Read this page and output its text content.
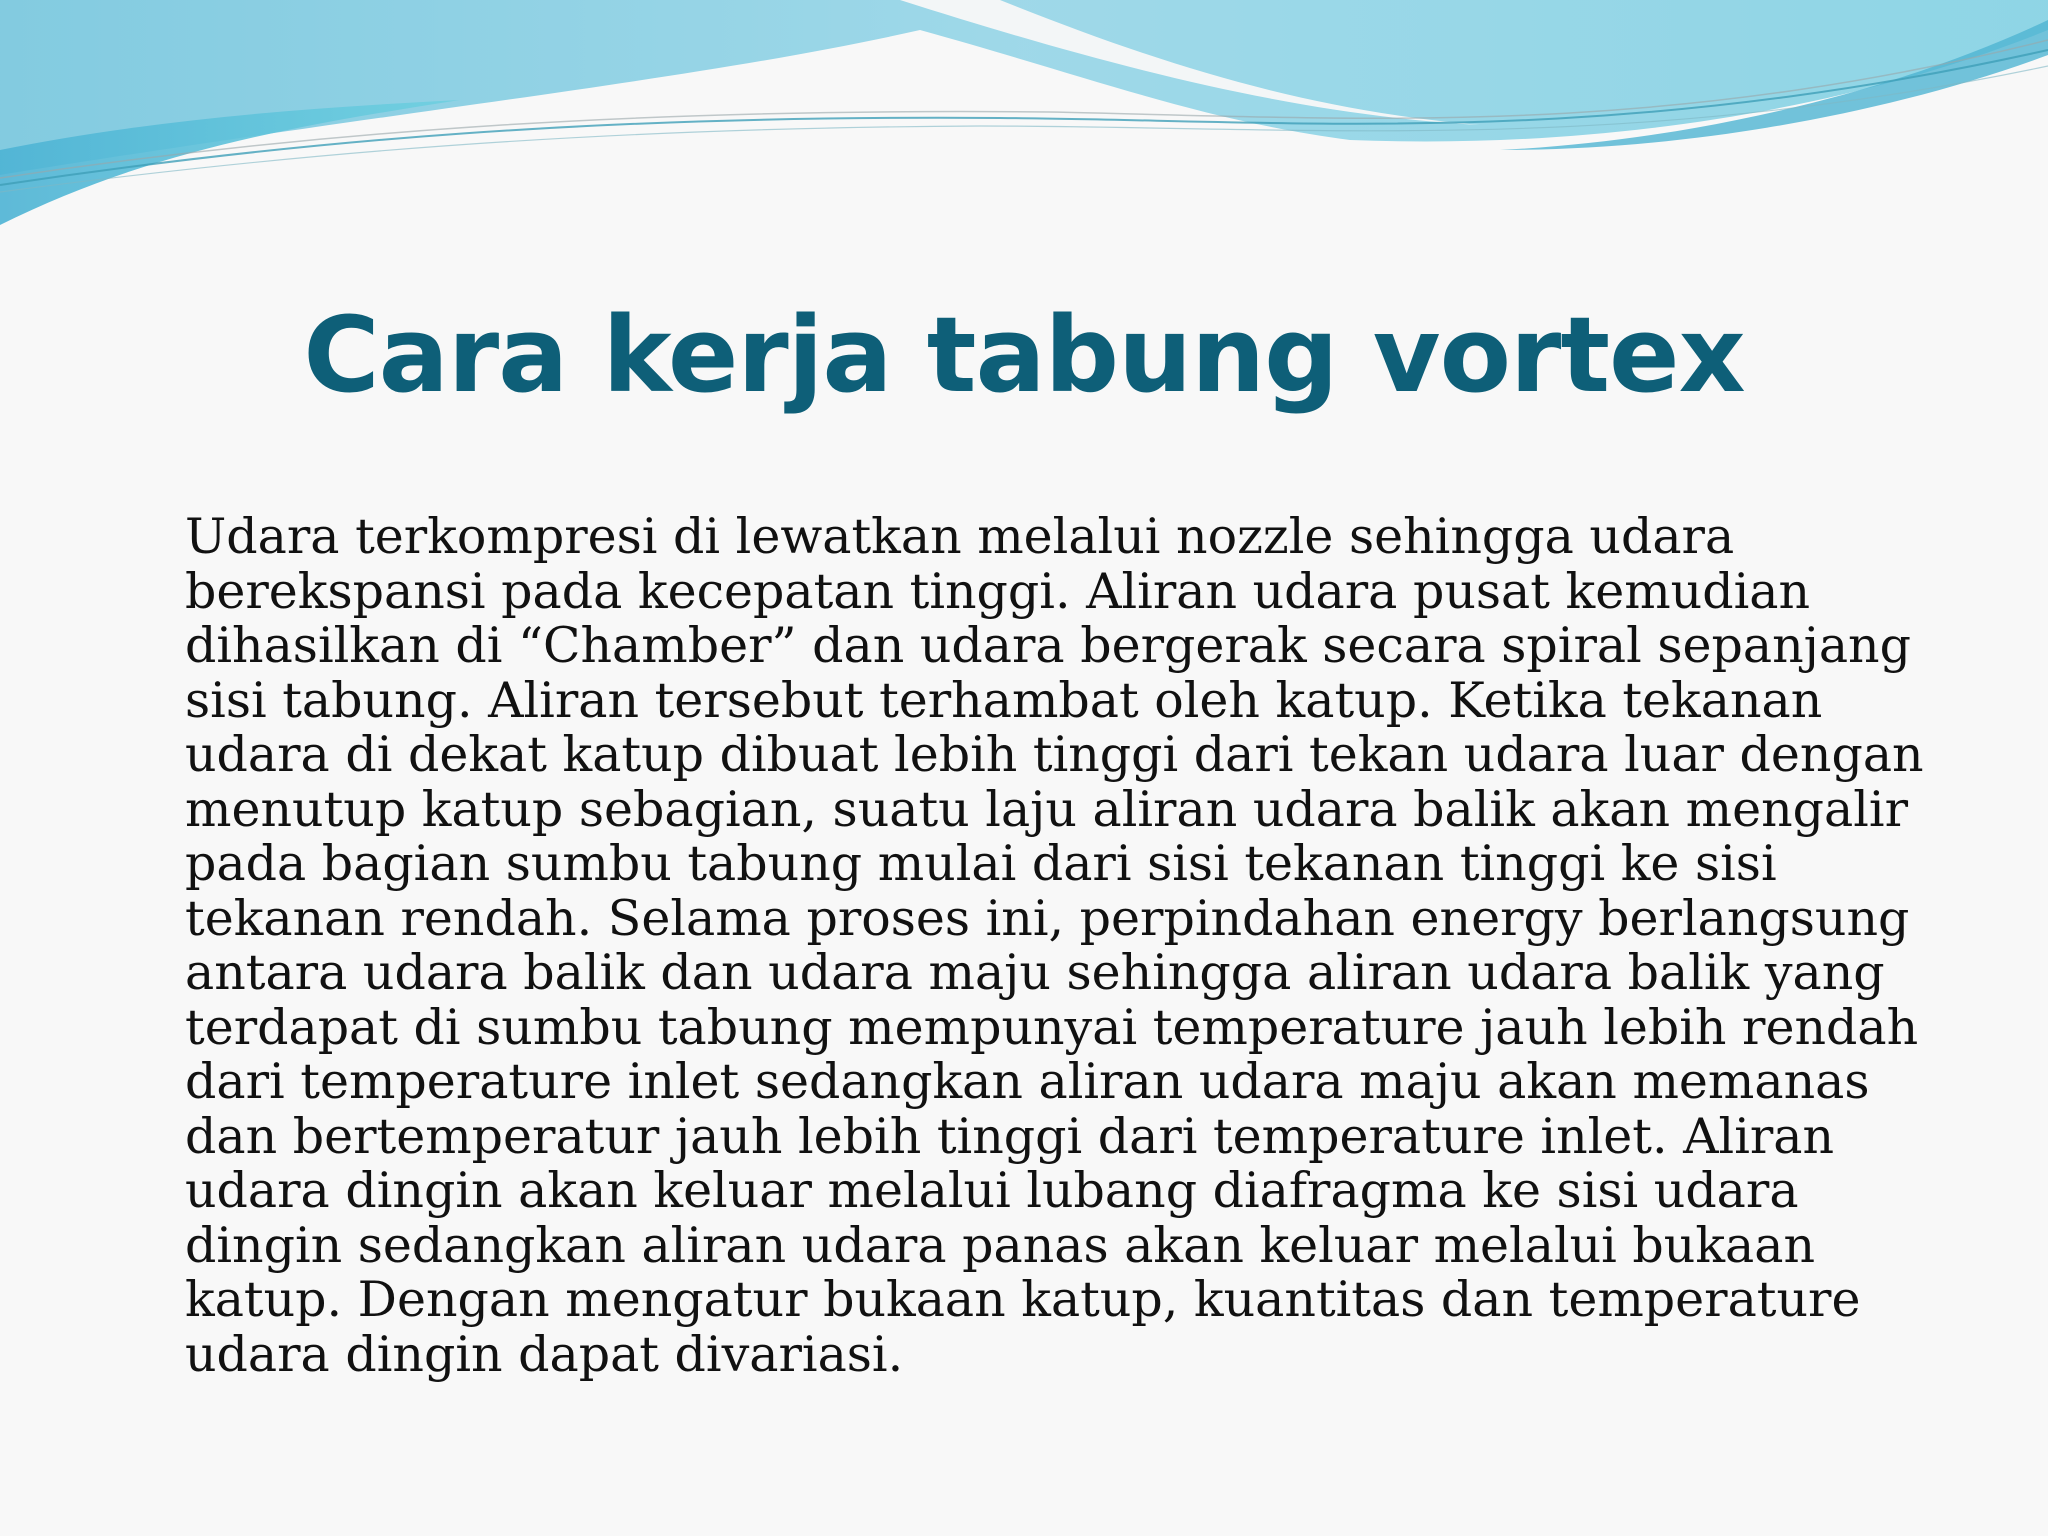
Cara kerja tabung vortex

Udara terkompresi di lewatkan melalui nozzle sehingga udara
berekspansi pada kecepatan tinggi. Aliran udara pusat kemudian
dihasilkan di “Chamber” dan udara bergerak secara spiral sepanjang
sisi tabung. Aliran tersebut terhambat oleh katup. Ketika tekanan
udara di dekat katup dibuat lebih tinggi dari tekan udara luar dengan
menutup katup sebagian, suatu laju aliran udara balik akan mengalir
pada bagian sumbu tabung mulai dari sisi tekanan tinggi ke sisi
tekanan rendah. Selama proses ini, perpindahan energy berlangsung
antara udara balik dan udara maju sehingga aliran udara balik yang
terdapat di sumbu tabung mempunyai temperature jauh lebih rendah
dari temperature inlet sedangkan aliran udara maju akan memanas
dan bertemperatur jauh lebih tinggi dari temperature inlet. Aliran
udara dingin akan keluar melalui lubang diafragma ke sisi udara
dingin sedangkan aliran udara panas akan keluar melalui bukaan
katup. Dengan mengatur bukaan katup, kuantitas dan temperature
udara dingin dapat divariasi.
